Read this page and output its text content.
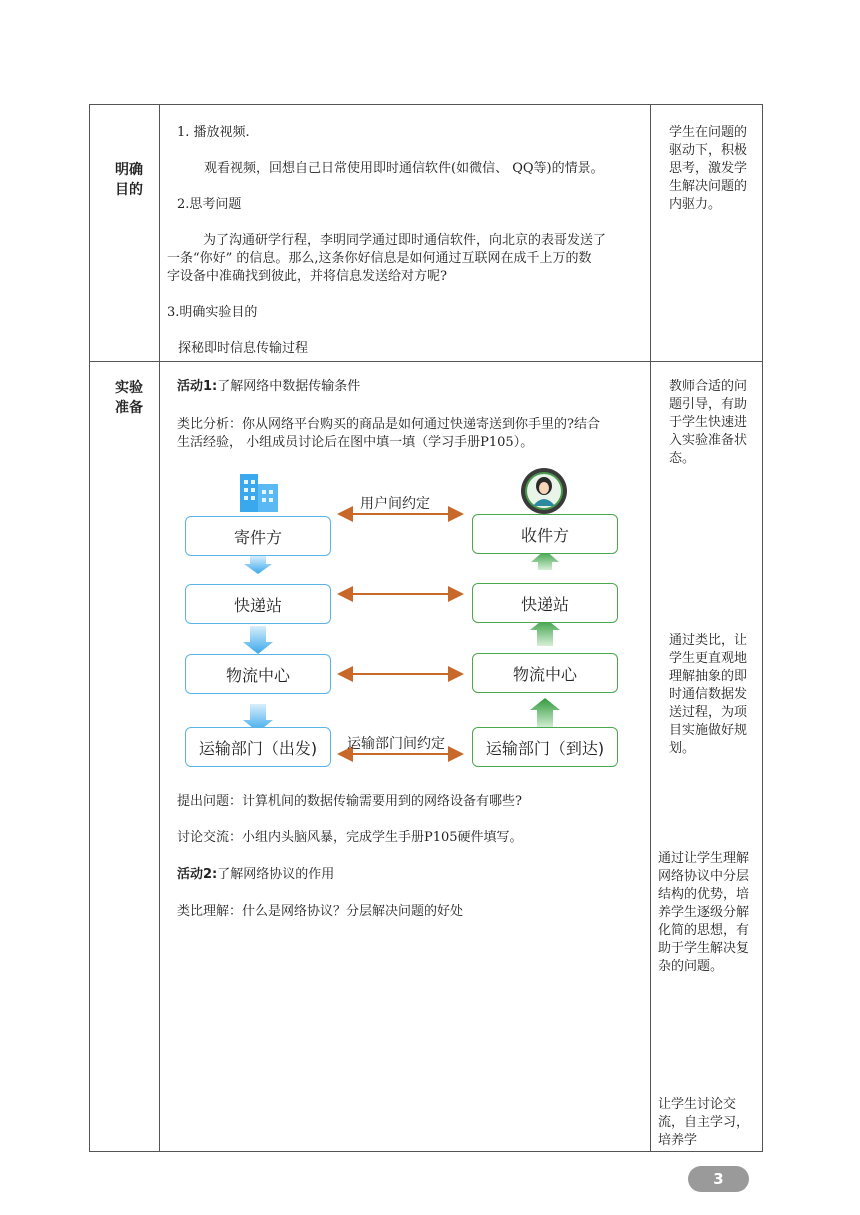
明确
目的
1. 播放视频.
观看视频，回想自己日常使用即时通信软件(如微信、 QQ等)的情景。
2.思考问题
为了沟通研学行程，李明同学通过即时通信软件，向北京的表哥发送了
一条“你好” 的信息。那么,这条你好信息是如何通过互联网在成千上万的数
字设备中准确找到彼此，并将信息发送给对方呢?
3.明确实验目的
探秘即时信息传输过程
学生在问题的驱动下，积极思考，激发学生解决问题的内驱力。
实验
准备
活动1:了解网络中数据传输条件
类比分析：你从网络平台购买的商品是如何通过快递寄送到你手里的?结合
生活经验， 小组成员讨论后在图中填一填（学习手册P105）。
用户间约定
运输部门间约定
寄件方
快递站
物流中心
运输部门（出发)
收件方
快递站
物流中心
运输部门（到达)
提出问题：计算机间的数据传输需要用到的网络设备有哪些?
讨论交流：小组内头脑风暴，完成学生手册P105硬件填写。
活动2:了解网络协议的作用
类比理解：什么是网络协议？分层解决问题的好处
教师合适的问题引导，有助于学生快速进入实验准备状态。
通过类比，让学生更直观地理解抽象的即时通信数据发送过程，为项目实施做好规划。
通过让学生理解网络协议中分层结构的优势，培养学生逐级分解化简的思想，有助于学生解决复杂的问题。
让学生讨论交流，自主学习，培养学
3
